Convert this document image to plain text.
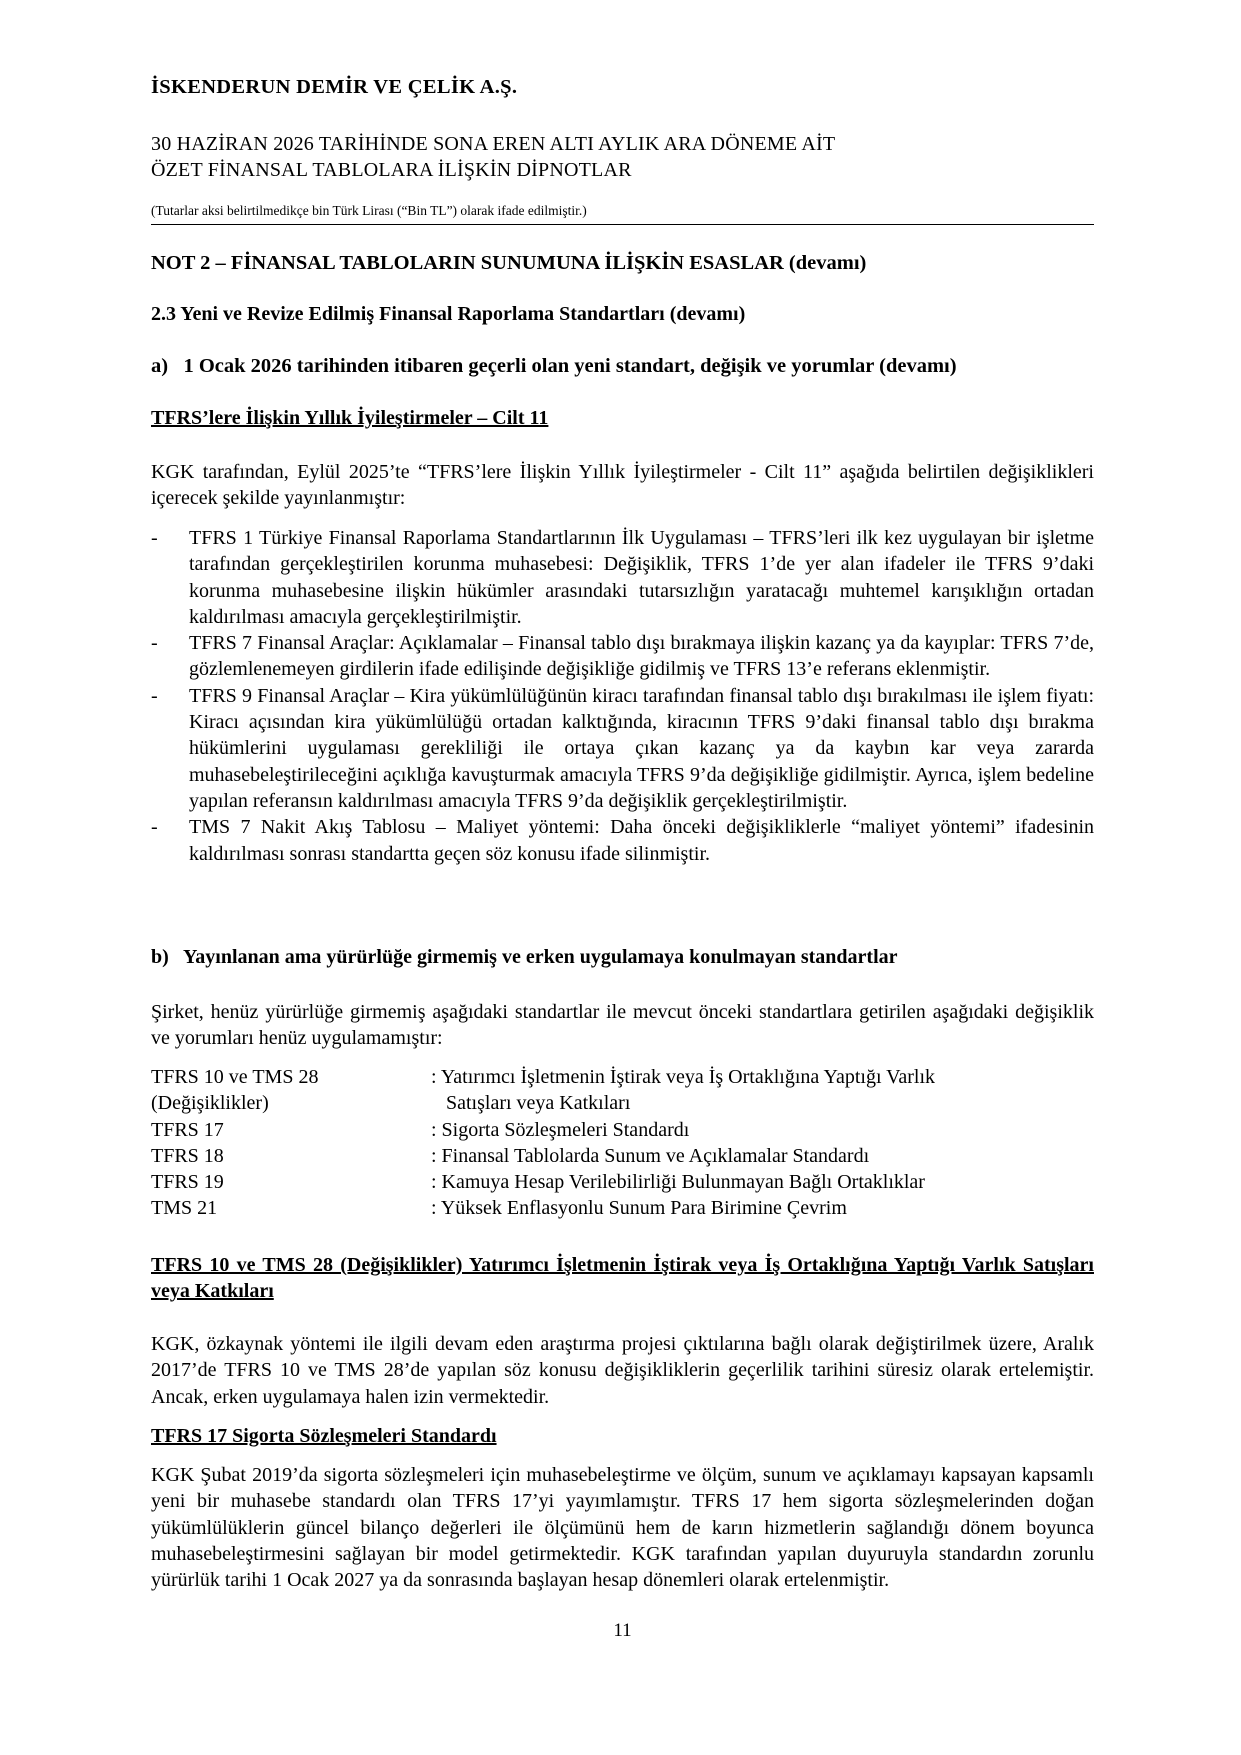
İSKENDERUN DEMİR VE ÇELİK A.Ş.
30 HAZİRAN 2026 TARİHİNDE SONA EREN ALTI AYLIK ARA DÖNEME AİT
ÖZET FİNANSAL TABLOLARA İLİŞKİN DİPNOTLAR
(Tutarlar aksi belirtilmedikçe bin Türk Lirası (“Bin TL”) olarak ifade edilmiştir.)
NOT 2 – FİNANSAL TABLOLARIN SUNUMUNA İLİŞKİN ESASLAR (devamı)
2.3 Yeni ve Revize Edilmiş Finansal Raporlama Standartları (devamı)
a)   1 Ocak 2026 tarihinden itibaren geçerli olan yeni standart, değişik ve yorumlar (devamı)
TFRS’lere İlişkin Yıllık İyileştirmeler – Cilt 11
KGK tarafından, Eylül 2025’te “TFRS’lere İlişkin Yıllık İyileştirmeler - Cilt 11” aşağıda belirtilen değişiklikleri içerecek şekilde yayınlanmıştır:
- TFRS 1 Türkiye Finansal Raporlama Standartlarının İlk Uygulaması – TFRS’leri ilk kez uygulayan bir işletme tarafından gerçekleştirilen korunma muhasebesi: Değişiklik, TFRS 1’de yer alan ifadeler ile TFRS 9’daki korunma muhasebesine ilişkin hükümler arasındaki tutarsızlığın yaratacağı muhtemel karışıklığın ortadan kaldırılması amacıyla gerçekleştirilmiştir.
- TFRS 7 Finansal Araçlar: Açıklamalar – Finansal tablo dışı bırakmaya ilişkin kazanç ya da kayıplar: TFRS 7’de, gözlemlenemeyen girdilerin ifade edilişinde değişikliğe gidilmiş ve TFRS 13’e referans eklenmiştir.
- TFRS 9 Finansal Araçlar – Kira yükümlülüğünün kiracı tarafından finansal tablo dışı bırakılması ile işlem fiyatı: Kiracı açısından kira yükümlülüğü ortadan kalktığında, kiracının TFRS 9’daki finansal tablo dışı bırakma hükümlerini uygulaması gerekliliği ile ortaya çıkan kazanç ya da kaybın kar veya zararda muhasebeleştirileceğini açıklığa kavuşturmak amacıyla TFRS 9’da değişikliğe gidilmiştir. Ayrıca, işlem bedeline yapılan referansın kaldırılması amacıyla TFRS 9’da değişiklik gerçekleştirilmiştir.
- TMS 7 Nakit Akış Tablosu – Maliyet yöntemi: Daha önceki değişikliklerle “maliyet yöntemi” ifadesinin kaldırılması sonrası standartta geçen söz konusu ifade silinmiştir.
b)   Yayınlanan ama yürürlüğe girmemiş ve erken uygulamaya konulmayan standartlar
Şirket, henüz yürürlüğe girmemiş aşağıdaki standartlar ile mevcut önceki standartlara getirilen aşağıdaki değişiklik ve yorumları henüz uygulamamıştır:
TFRS 10 ve TMS 28	: Yatırımcı İşletmenin İştirak veya İş Ortaklığına Yaptığı Varlık
(Değişiklikler)	Satışları veya Katkıları
TFRS 17	: Sigorta Sözleşmeleri Standardı
TFRS 18	: Finansal Tablolarda Sunum ve Açıklamalar Standardı
TFRS 19	: Kamuya Hesap Verilebilirliği Bulunmayan Bağlı Ortaklıklar
TMS 21	: Yüksek Enflasyonlu Sunum Para Birimine Çevrim
TFRS 10 ve TMS 28 (Değişiklikler) Yatırımcı İşletmenin İştirak veya İş Ortaklığına Yaptığı Varlık Satışları veya Katkıları
KGK, özkaynak yöntemi ile ilgili devam eden araştırma projesi çıktılarına bağlı olarak değiştirilmek üzere, Aralık 2017’de TFRS 10 ve TMS 28’de yapılan söz konusu değişikliklerin geçerlilik tarihini süresiz olarak ertelemiştir. Ancak, erken uygulamaya halen izin vermektedir.
TFRS 17 Sigorta Sözleşmeleri Standardı
KGK Şubat 2019’da sigorta sözleşmeleri için muhasebeleştirme ve ölçüm, sunum ve açıklamayı kapsayan kapsamlı yeni bir muhasebe standardı olan TFRS 17’yi yayımlamıştır. TFRS 17 hem sigorta sözleşmelerinden doğan yükümlülüklerin güncel bilanço değerleri ile ölçümünü hem de karın hizmetlerin sağlandığı dönem boyunca muhasebeleştirmesini sağlayan bir model getirmektedir. KGK tarafından yapılan duyuruyla standardın zorunlu yürürlük tarihi 1 Ocak 2027 ya da sonrasında başlayan hesap dönemleri olarak ertelenmiştir.
11
